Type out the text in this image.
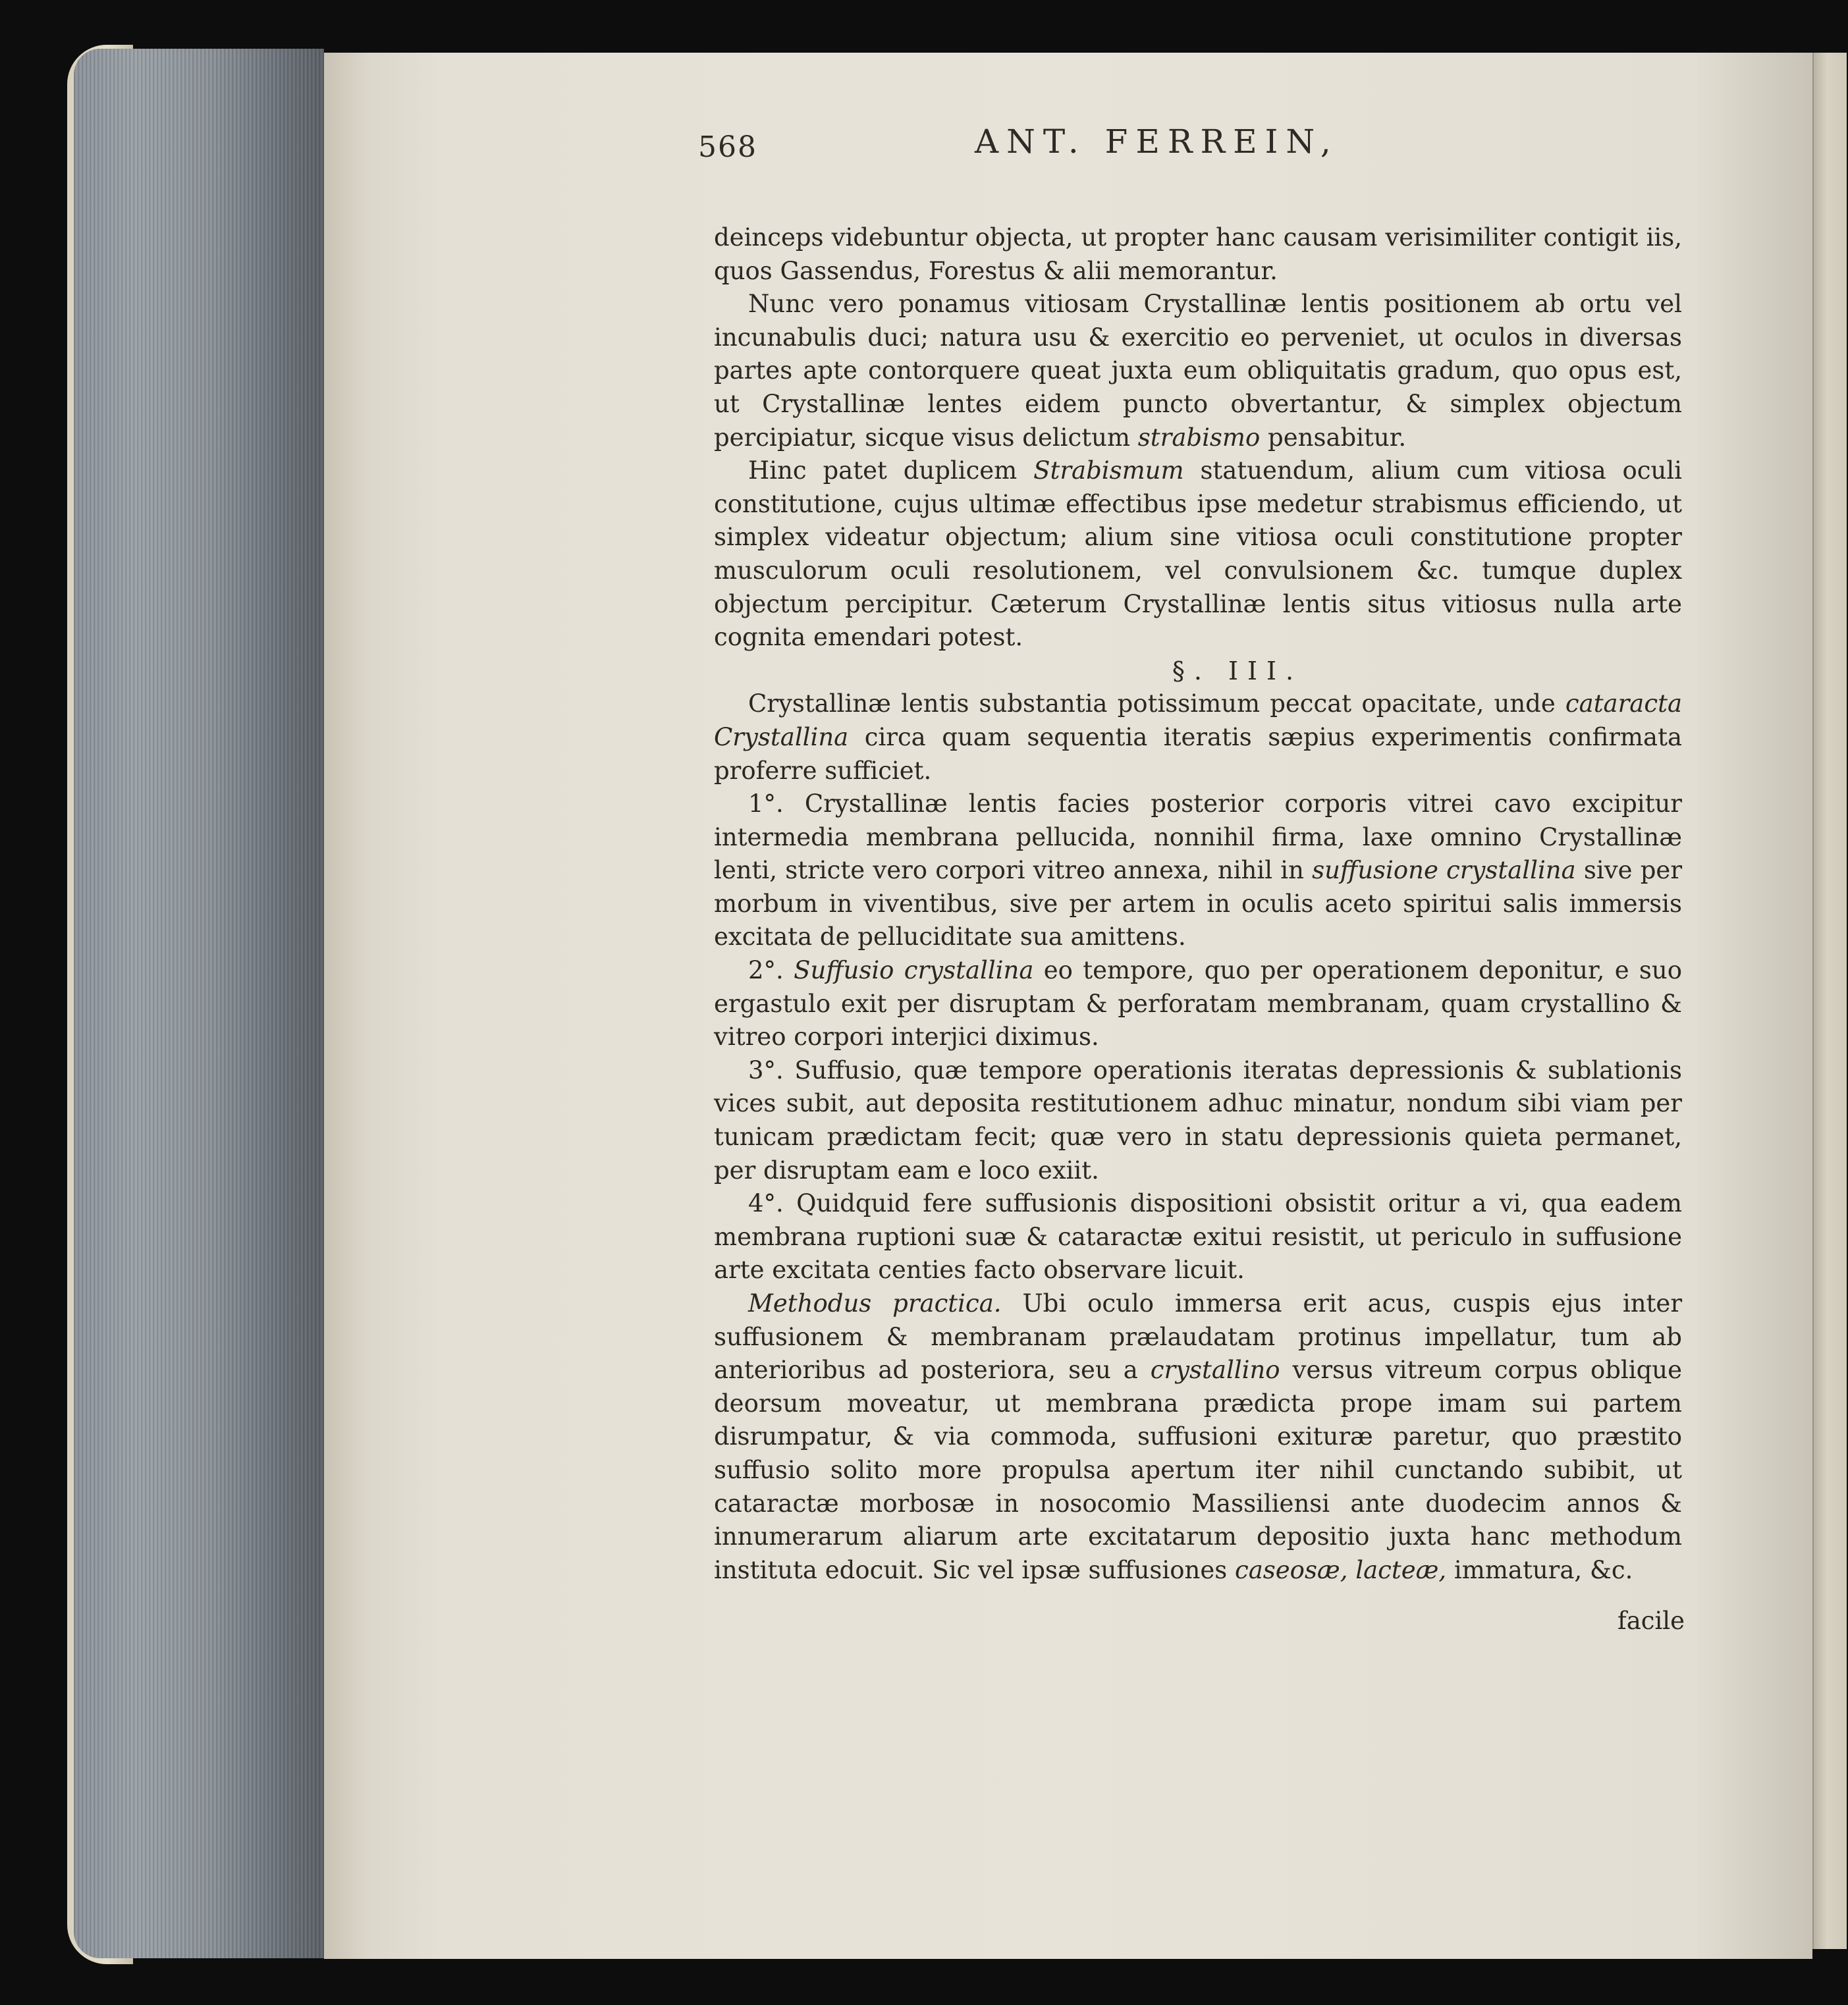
568	ANT. FERREIN,

deinceps videbuntur objecta, ut propter hanc causam verisimiliter contigit iis, quos Gassendus, Forestus & alii memorantur.

Nunc vero ponamus vitiosam Crystallinæ lentis positionem ab ortu vel incunabulis duci; natura usu & exercitio eo perveniet, ut oculos in diversas partes apte contorquere queat juxta eum obliquitatis gradum, quo opus est, ut Crystallinæ lentes eidem puncto obvertantur, & simplex objectum percipiatur, sicque visus delictum strabismo pensabitur.

Hinc patet duplicem Strabismum statuendum, alium cum vitiosa oculi constitutione, cujus ultimæ effectibus ipse medetur strabismus efficiendo, ut simplex videatur objectum; alium sine vitiosa oculi constitutione propter musculorum oculi resolutionem, vel convulsionem &c. tumque duplex objectum percipitur. Cæterum Crystallinæ lentis situs vitiosus nulla arte cognita emendari potest.

§. III.

Crystallinæ lentis substantia potissimum peccat opacitate, unde cataracta Crystallina circa quam sequentia iteratis sæpius experimentis confirmata proferre sufficiet.

1°. Crystallinæ lentis facies posterior corporis vitrei cavo excipitur intermedia membrana pellucida, nonnihil firma, laxe omnino Crystallinæ lenti, stricte vero corpori vitreo annexa, nihil in suffusione crystallina sive per morbum in viventibus, sive per artem in oculis aceto spiritui salis immersis excitata de pelluciditate sua amittens.

2°. Suffusio crystallina eo tempore, quo per operationem deponitur, e suo ergastulo exit per disruptam & perforatam membranam, quam crystallino & vitreo corpori interjici diximus.

3°. Suffusio, quæ tempore operationis iteratas depressionis & sublationis vices subit, aut deposita restitutionem adhuc minatur, nondum sibi viam per tunicam prædictam fecit; quæ vero in statu depressionis quieta permanet, per disruptam eam e loco exiit.

4°. Quidquid fere suffusionis dispositioni obsistit oritur a vi, qua eadem membrana ruptioni suæ & cataractæ exitui resistit, ut periculo in suffusione arte excitata centies facto observare licuit.

Methodus practica. Ubi oculo immersa erit acus, cuspis ejus inter suffusionem & membranam prælaudatam protinus impellatur, tum ab anterioribus ad posteriora, seu a crystallino versus vitreum corpus oblique deorsum moveatur, ut membrana prædicta prope imam sui partem disrumpatur, & via commoda, suffusioni exituræ paretur, quo præstito suffusio solito more propulsa apertum iter nihil cunctando subibit, ut cataractæ morbosæ in nosocomio Massiliensi ante duodecim annos & innumerarum aliarum arte excitatarum depositio juxta hanc methodum instituta edocuit. Sic vel ipsæ suffusiones caseosæ, lacteæ, immatura, &c.

facile
